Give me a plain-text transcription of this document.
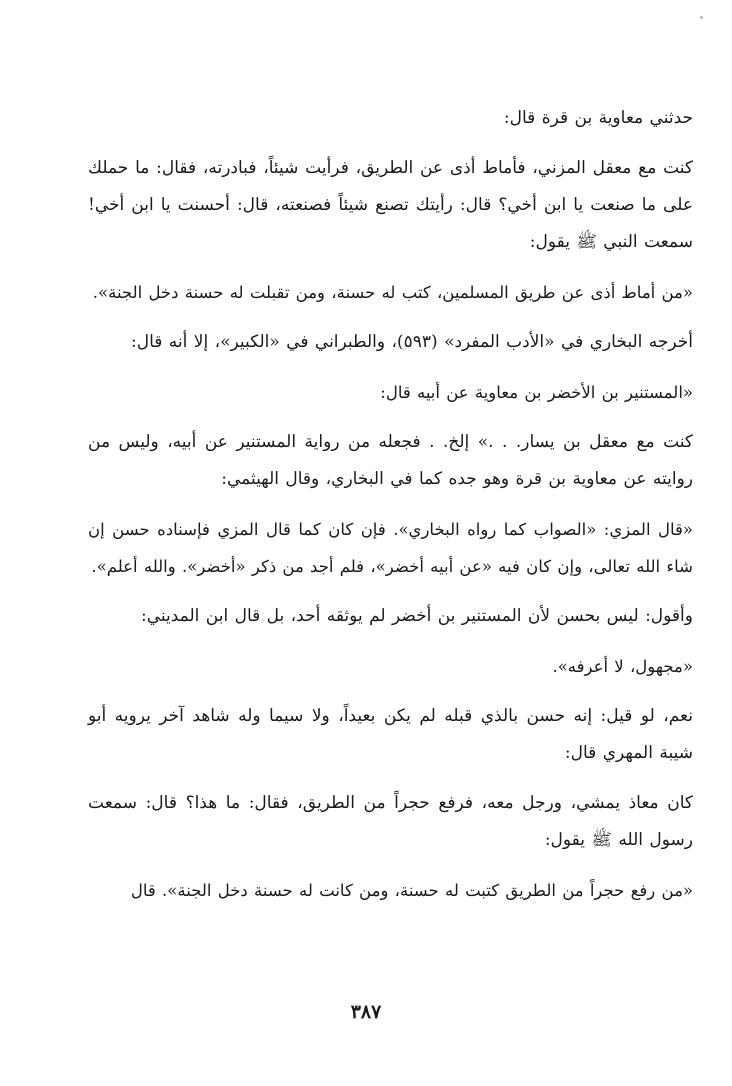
حدثني معاوية بن قرة قال:

كنت مع معقل المزني، فأماط أذى عن الطريق، فرأيت شيئاً، فبادرته، فقال: ما حملك على ما صنعت يا ابن أخي؟ قال: رأيتك تصنع شيئاً فصنعته، قال: أحسنت يا ابن أخي! سمعت النبي ﷺ يقول:

«من أماط أذى عن طريق المسلمين، كتب له حسنة، ومن تقبلت له حسنة دخل الجنة».

أخرجه البخاري في «الأدب المفرد» (٥٩٣)، والطبراني في «الكبير»، إلا أنه قال:

«المستنير بن الأخضر بن معاوية عن أبيه قال:

كنت مع معقل بن يسار. . .» إلخ. . فجعله من رواية المستنير عن أبيه، وليس من روايته عن معاوية بن قرة وهو جده كما في البخاري، وقال الهيثمي:

«قال المزي: «الصواب كما رواه البخاري». فإن كان كما قال المزي فإسناده حسن إن شاء الله تعالى، وإن كان فيه «عن أبيه أخضر»، فلم أجد من ذكر «أخضر». والله أعلم».

وأقول: ليس بحسن لأن المستنير بن أخضر لم يوثقه أحد، بل قال ابن المديني:

«مجهول، لا أعرفه».

نعم، لو قيل: إنه حسن بالذي قبله لم يكن بعيداً، ولا سيما وله شاهد آخر يرويه أبو شيبة المهري قال:

كان معاذ يمشي، ورجل معه، فرفع حجراً من الطريق، فقال: ما هذا؟ قال: سمعت رسول الله ﷺ يقول:

«من رفع حجراً من الطريق كتبت له حسنة، ومن كانت له حسنة دخل الجنة». قال

٣٨٧
